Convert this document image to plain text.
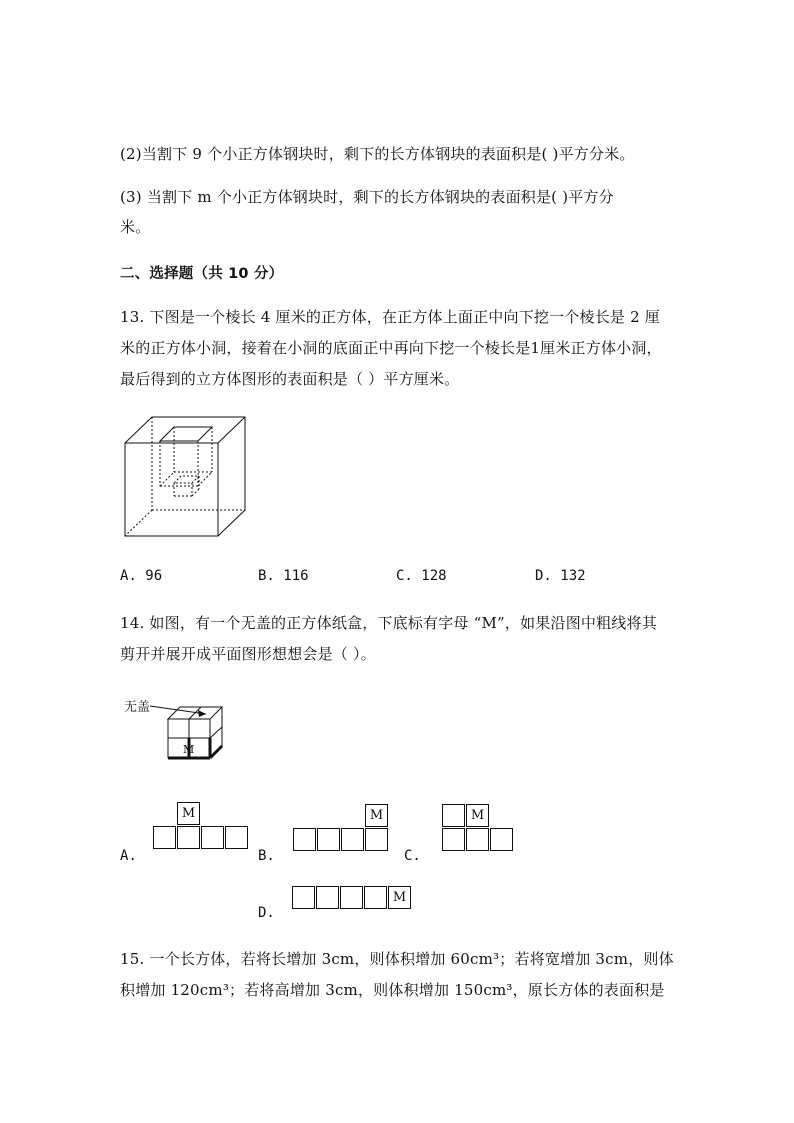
(2)当割下 9 个小正方体钢块时，剩下的长方体钢块的表面积是( )平方分米。
(3) 当割下 m 个小正方体钢块时，剩下的长方体钢块的表面积是( )平方分
米。
二、选择题（共 10 分）
13. 下图是一个棱长 4 厘米的正方体，在正方体上面正中向下挖一个棱长是 2 厘
米的正方体小洞，接着在小洞的底面正中再向下挖一个棱长是1厘米正方体小洞，
最后得到的立方体图形的表面积是（ ）平方厘米。
A. 96	B. 116	C. 128	D. 132
14. 如图，有一个无盖的正方体纸盒，下底标有字母 “M”，如果沿图中粗线将其
剪开并展开成平面图形想想会是（ ）。
无盖
M
A.
M
B.
M
C.
M
D.
M
15. 一个长方体，若将长增加 3cm，则体积增加 60cm³；若将宽增加 3cm，则体
积增加 120cm³；若将高增加 3cm，则体积增加 150cm³，原长方体的表面积是
